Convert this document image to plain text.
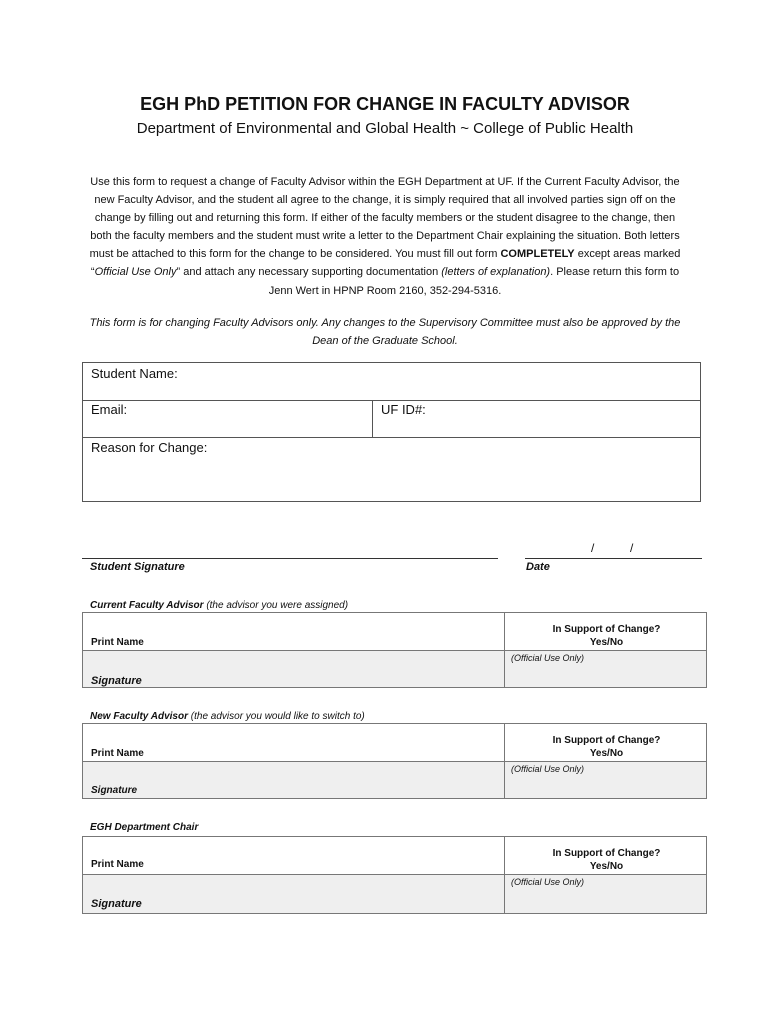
EGH PhD PETITION FOR CHANGE IN FACULTY ADVISOR
Department of Environmental and Global Health ~ College of Public Health
Use this form to request a change of Faculty Advisor within the EGH Department at UF. If the Current Faculty Advisor, the new Faculty Advisor, and the student all agree to the change, it is simply required that all involved parties sign off on the change by filling out and returning this form. If either of the faculty members or the student disagree to the change, then both the faculty members and the student must write a letter to the Department Chair explaining the situation. Both letters must be attached to this form for the change to be considered. You must fill out form COMPLETELY except areas marked “Official Use Only” and attach any necessary supporting documentation (letters of explanation). Please return this form to Jenn Wert in HPNP Room 2160, 352-294-5316.
This form is for changing Faculty Advisors only. Any changes to the Supervisory Committee must also be approved by the Dean of the Graduate School.
Student Name:
Email:	UF ID#:
Reason for Change:
Student Signature
/	/
Date
Current Faculty Advisor (the advisor you were assigned)
Print Name
In Support of Change?
Yes/No
(Official Use Only)
Signature
New Faculty Advisor (the advisor you would like to switch to)
Print Name
In Support of Change?
Yes/No
(Official Use Only)
Signature
EGH Department Chair
Print Name
In Support of Change?
Yes/No
(Official Use Only)
Signature
